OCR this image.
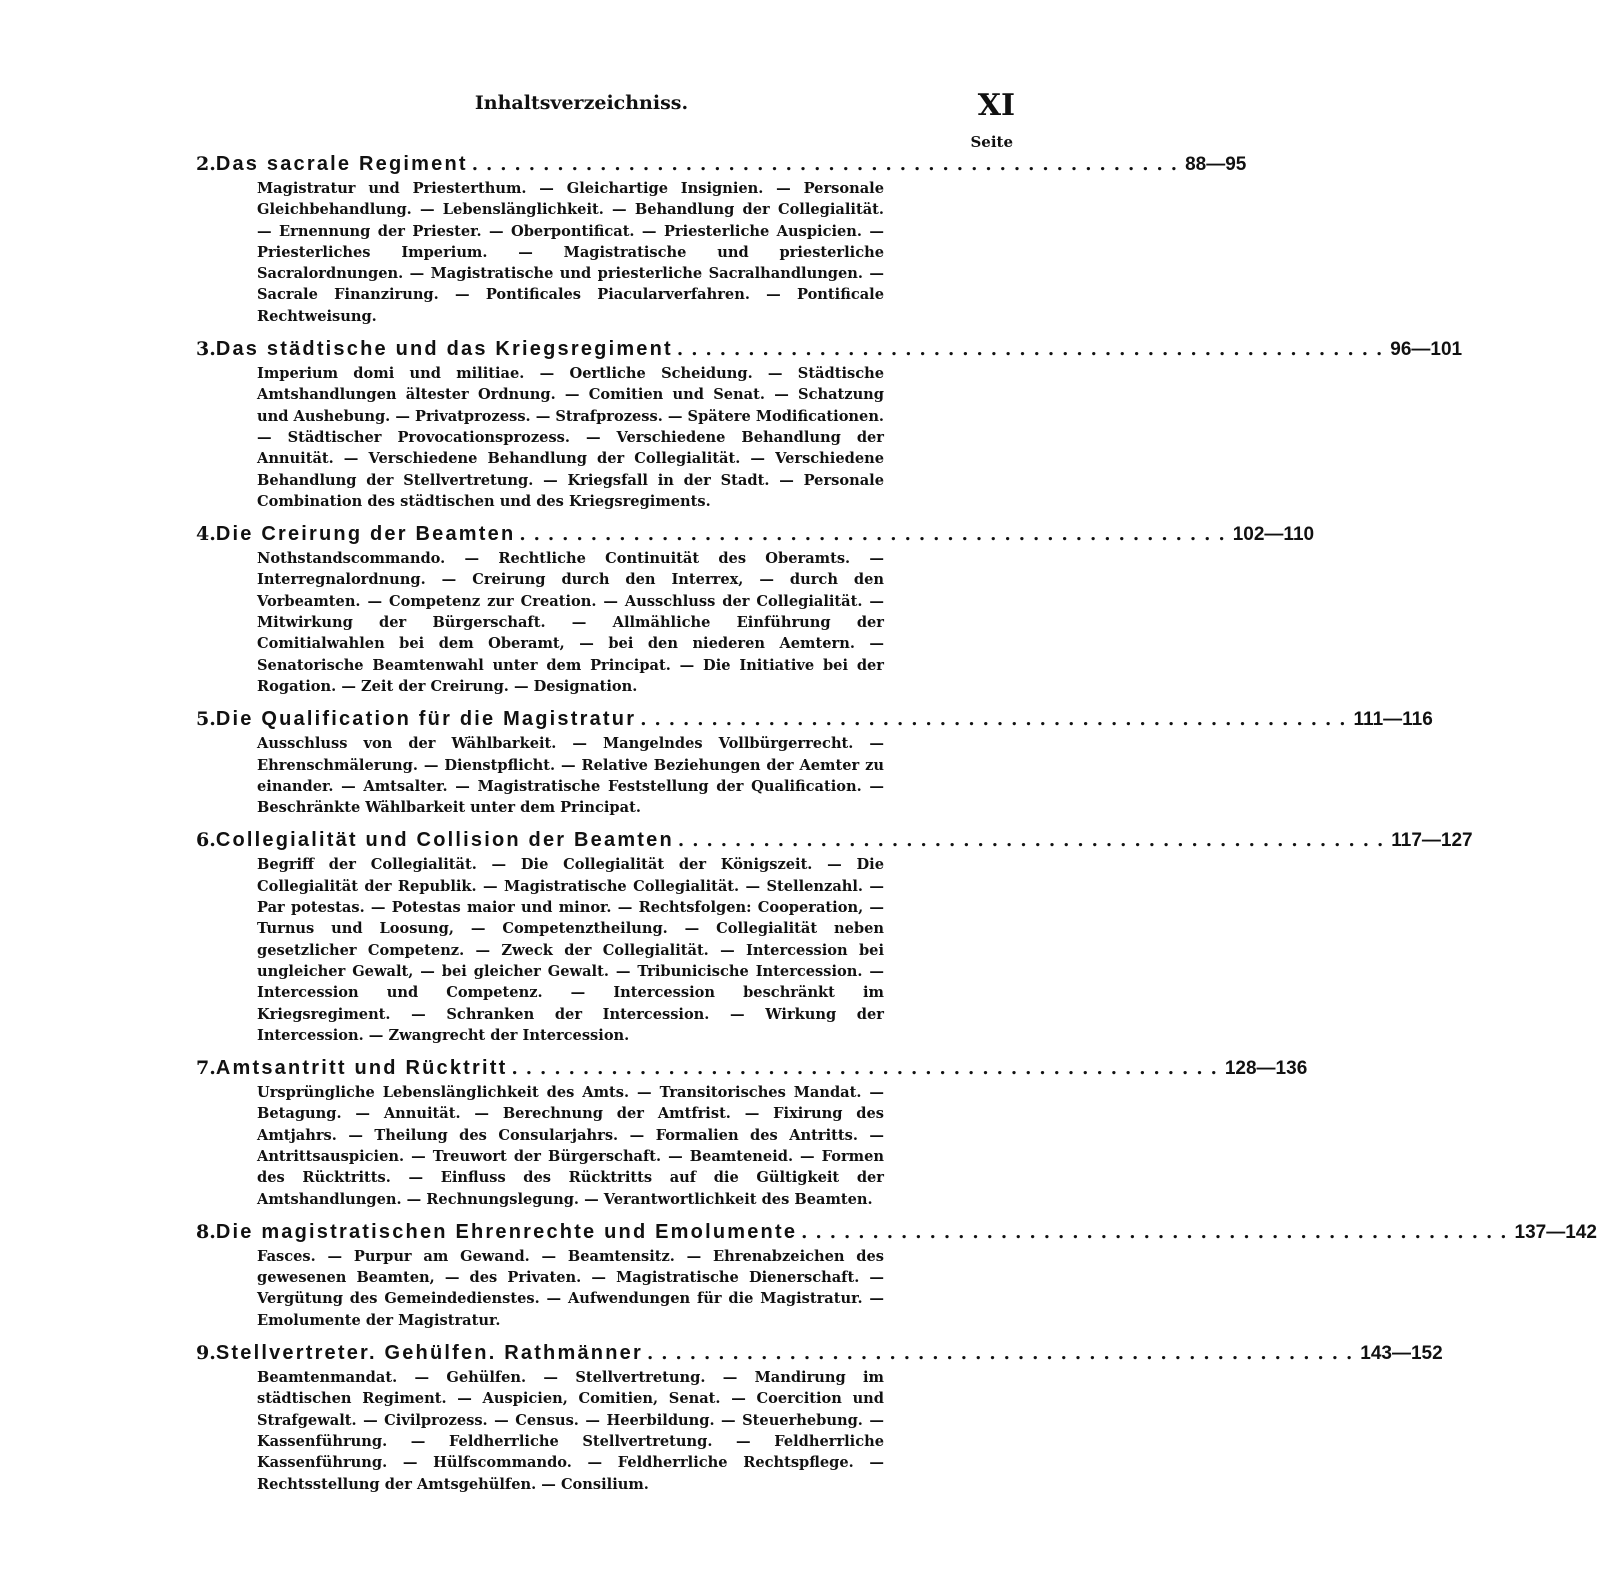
Inhaltsverzeichniss.	XI
Seite
2. Das sacrale Regiment .................................................. 88—95
Magistratur und Priesterthum. — Gleichartige Insignien. — Personale Gleichbehandlung. — Lebenslänglichkeit. — Behandlung der Collegialität. — Ernennung der Priester. — Oberpontificat. — Priesterliche Auspicien. — Priesterliches Imperium. — Magistratische und priesterliche Sacralordnungen. — Magistratische und priesterliche Sacralhandlungen. — Sacrale Finanzirung. — Pontificales Piacularverfahren. — Pontificale Rechtweisung.
3. Das städtische und das Kriegsregiment .................................................. 96—101
Imperium domi und militiae. — Oertliche Scheidung. — Städtische Amtshandlungen ältester Ordnung. — Comitien und Senat. — Schatzung und Aushebung. — Privatprozess. — Strafprozess. — Spätere Modificationen. — Städtischer Provocationsprozess. — Verschiedene Behandlung der Annuität. — Verschiedene Behandlung der Collegialität. — Verschiedene Behandlung der Stellvertretung. — Kriegsfall in der Stadt. — Personale Combination des städtischen und des Kriegsregiments.
4. Die Creirung der Beamten .................................................. 102—110
Nothstandscommando. — Rechtliche Continuität des Oberamts. — Interregnalordnung. — Creirung durch den Interrex, — durch den Vorbeamten. — Competenz zur Creation. — Ausschluss der Collegialität. — Mitwirkung der Bürgerschaft. — Allmähliche Einführung der Comitialwahlen bei dem Oberamt, — bei den niederen Aemtern. — Senatorische Beamtenwahl unter dem Principat. — Die Initiative bei der Rogation. — Zeit der Creirung. — Designation.
5. Die Qualification für die Magistratur .................................................. 111—116
Ausschluss von der Wählbarkeit. — Mangelndes Vollbürgerrecht. — Ehrenschmälerung. — Dienstpflicht. — Relative Beziehungen der Aemter zu einander. — Amtsalter. — Magistratische Feststellung der Qualification. — Beschränkte Wählbarkeit unter dem Principat.
6. Collegialität und Collision der Beamten .................................................. 117—127
Begriff der Collegialität. — Die Collegialität der Königszeit. — Die Collegialität der Republik. — Magistratische Collegialität. — Stellenzahl. — Par potestas. — Potestas maior und minor. — Rechtsfolgen: Cooperation, — Turnus und Loosung, — Competenztheilung. — Collegialität neben gesetzlicher Competenz. — Zweck der Collegialität. — Intercession bei ungleicher Gewalt, — bei gleicher Gewalt. — Tribunicische Intercession. — Intercession und Competenz. — Intercession beschränkt im Kriegsregiment. — Schranken der Intercession. — Wirkung der Intercession. — Zwangrecht der Intercession.
7. Amtsantritt und Rücktritt .................................................. 128—136
Ursprüngliche Lebenslänglichkeit des Amts. — Transitorisches Mandat. — Betagung. — Annuität. — Berechnung der Amtfrist. — Fixirung des Amtjahrs. — Theilung des Consularjahrs. — Formalien des Antritts. — Antrittsauspicien. — Treuwort der Bürgerschaft. — Beamteneid. — Formen des Rücktritts. — Einfluss des Rücktritts auf die Gültigkeit der Amtshandlungen. — Rechnungslegung. — Verantwortlichkeit des Beamten.
8. Die magistratischen Ehrenrechte und Emolumente .................................................. 137—142
Fasces. — Purpur am Gewand. — Beamtensitz. — Ehrenabzeichen des gewesenen Beamten, — des Privaten. — Magistratische Dienerschaft. — Vergütung des Gemeindedienstes. — Aufwendungen für die Magistratur. — Emolumente der Magistratur.
9. Stellvertreter. Gehülfen. Rathmänner .................................................. 143—152
Beamtenmandat. — Gehülfen. — Stellvertretung. — Mandirung im städtischen Regiment. — Auspicien, Comitien, Senat. — Coercition und Strafgewalt. — Civilprozess. — Census. — Heerbildung. — Steuerhebung. — Kassenführung. — Feldherrliche Stellvertretung. — Feldherrliche Kassenführung. — Hülfscommando. — Feldherrliche Rechtspflege. — Rechtsstellung der Amtsgehülfen. — Consilium.
